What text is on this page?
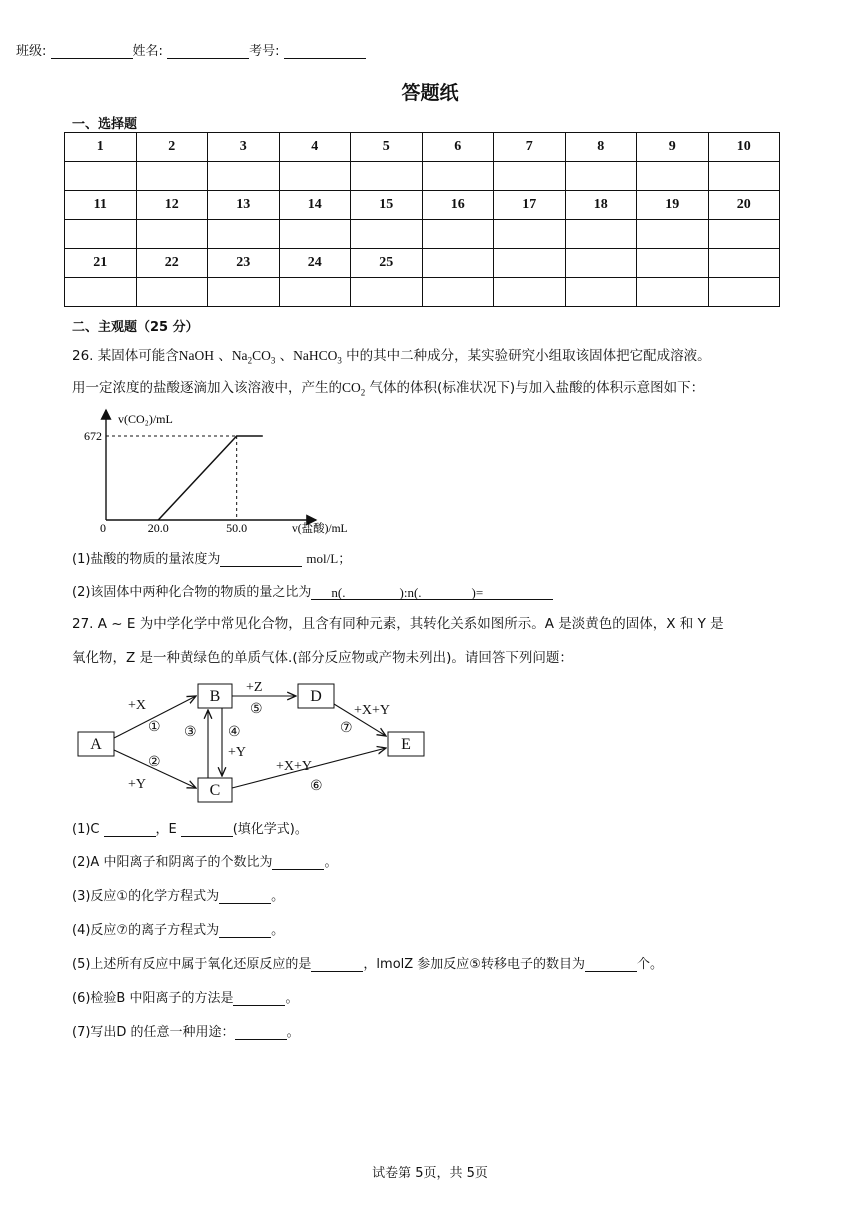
班级:	姓名:	考号:
答题纸
一、选择题
1	2	3	4	5	6	7	8	9	10

11	12	13	14	15	16	17	18	19	20

21	22	23	24	25					

二、主观题（25 分）
26. 某固体可能含NaOH 、$Na_2CO_3$ 、NaHCO$_3$ 中的其中二种成分，某实验研究小组取该固体把它配成溶液。
用一定浓度的盐酸逐滴加入该溶液中，产生的$CO_2$ 气体的体积(标准状况下)与加入盐酸的体积示意图如下：
v(CO₂)/mL
v(盐酸)/mL
0	20.0	50.0
672
(1)盐酸的物质的量浓度为	mol/L；
(2)该固体中两种化合物的物质的量之比为 n(.	):n(.	)=
27. A ~ E 为中学化学中常见化合物，且含有同种元素，其转化关系如图所示。A 是淡黄色的固体，X 和 Y 是
氧化物，Z 是一种黄绿色的单质气体.(部分反应物或产物未列出)。请回答下列问题：
A
B
C
D
E
+X
①
②
+Y
③ ④
+Y
+Z
⑤	+X+Y
⑦
+X+Y
⑥
(1)C	，E	(填化学式)。
(2)A 中阳离子和阴离子的个数比为	。
(3)反应①的化学方程式为	。
(4)反应⑦的离子方程式为	。
(5)上述所有反应中属于氧化还原反应的是	，lmolZ 参加反应⑤转移电子的数目为	个。
(6)检验B 中阳离子的方法是	。
(7)写出D 的任意一种用途：	。
试卷第 5页，共 5页
